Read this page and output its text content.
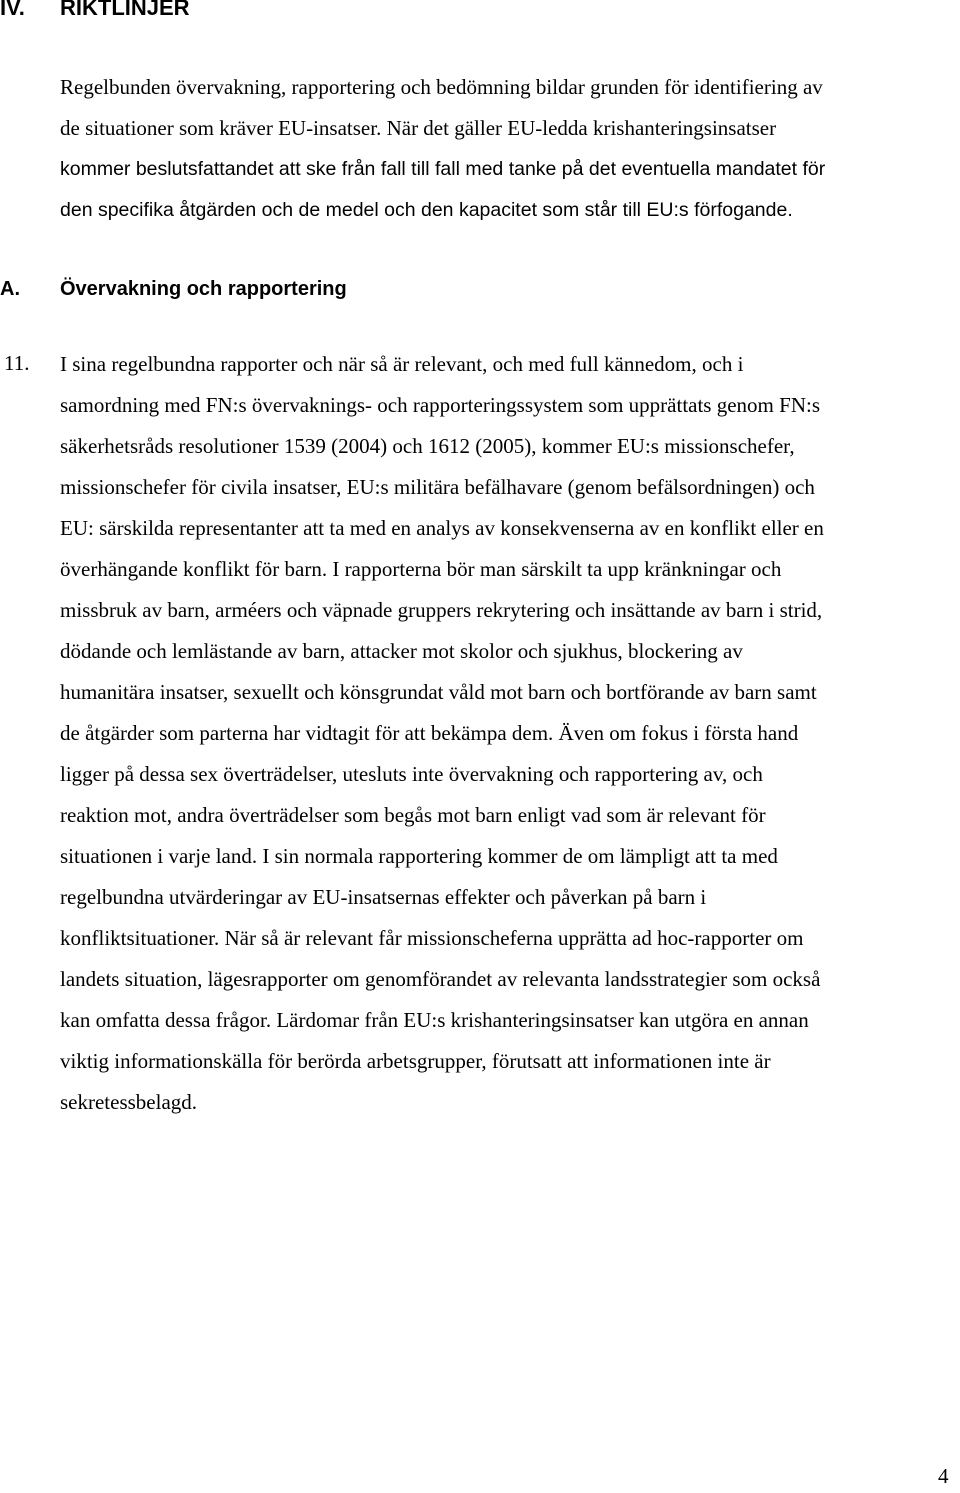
IV. RIKTLINJER
Regelbunden övervakning, rapportering och bedömning bildar grunden för identifiering av
de situationer som kräver EU-insatser. När det gäller EU-ledda krishanteringsinsatser
kommer beslutsfattandet att ske från fall till fall med tanke på det eventuella mandatet för
den specifika åtgärden och de medel och den kapacitet som står till EU:s förfogande.
A. Övervakning och rapportering
11. I sina regelbundna rapporter och när så är relevant, och med full kännedom, och i
samordning med FN:s övervaknings- och rapporteringssystem som upprättats genom FN:s
säkerhetsråds resolutioner 1539 (2004) och 1612 (2005), kommer EU:s missionschefer,
missionschefer för civila insatser, EU:s militära befälhavare (genom befälsordningen) och
EU: särskilda representanter att ta med en analys av konsekvenserna av en konflikt eller en
överhängande konflikt för barn. I rapporterna bör man särskilt ta upp kränkningar och
missbruk av barn, arméers och väpnade gruppers rekrytering och insättande av barn i strid,
dödande och lemlästande av barn, attacker mot skolor och sjukhus, blockering av
humanitära insatser, sexuellt och könsgrundat våld mot barn och bortförande av barn samt
de åtgärder som parterna har vidtagit för att bekämpa dem. Även om fokus i första hand
ligger på dessa sex överträdelser, utesluts inte övervakning och rapportering av, och
reaktion mot, andra överträdelser som begås mot barn enligt vad som är relevant för
situationen i varje land. I sin normala rapportering kommer de om lämpligt att ta med
regelbundna utvärderingar av EU-insatsernas effekter och påverkan på barn i
konfliktsituationer. När så är relevant får missionscheferna upprätta ad hoc-rapporter om
landets situation, lägesrapporter om genomförandet av relevanta landsstrategier som också
kan omfatta dessa frågor. Lärdomar från EU:s krishanteringsinsatser kan utgöra en annan
viktig informationskälla för berörda arbetsgrupper, förutsatt att informationen inte är
sekretessbelagd.
4
